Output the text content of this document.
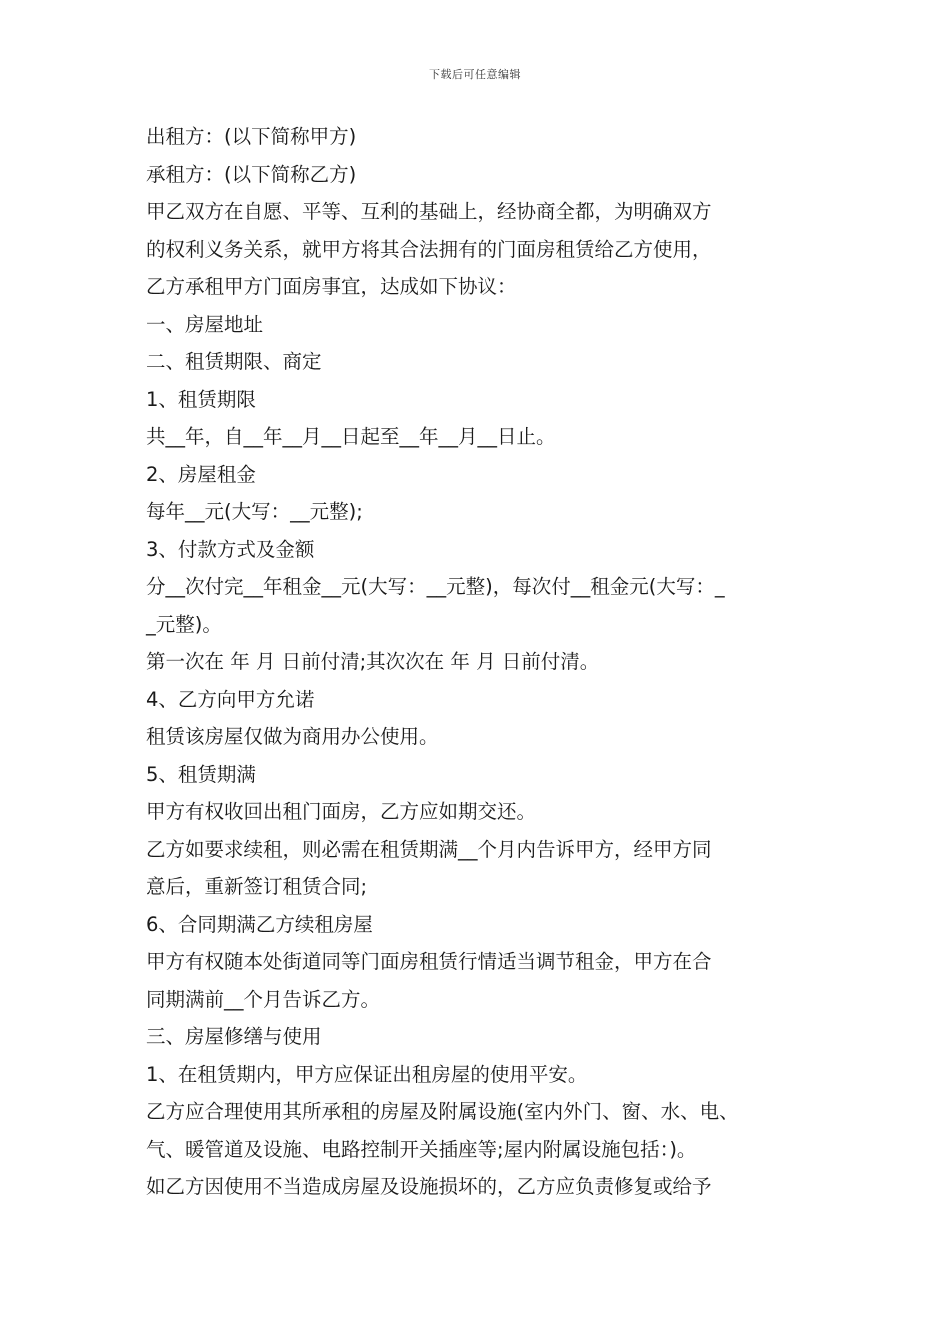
下载后可任意编辑
出租方：(以下简称甲方)
承租方：(以下简称乙方)
甲乙双方在自愿、平等、互利的基础上，经协商全都，为明确双方
的权利义务关系，就甲方将其合法拥有的门面房租赁给乙方使用，
乙方承租甲方门面房事宜，达成如下协议：
一、房屋地址
二、租赁期限、商定
1、租赁期限
共__年，自__年__月__日起至__年__月__日止。
2、房屋租金
每年__元(大写：__元整);
3、付款方式及金额
分__次付完__年租金__元(大写：__元整)，每次付__租金元(大写：_
_元整)。
第一次在 年 月 日前付清;其次次在 年 月 日前付清。
4、乙方向甲方允诺
租赁该房屋仅做为商用办公使用。
5、租赁期满
甲方有权收回出租门面房，乙方应如期交还。
乙方如要求续租，则必需在租赁期满__个月内告诉甲方，经甲方同
意后，重新签订租赁合同;
6、合同期满乙方续租房屋
甲方有权随本处街道同等门面房租赁行情适当调节租金，甲方在合
同期满前__个月告诉乙方。
三、房屋修缮与使用
1、在租赁期内，甲方应保证出租房屋的使用平安。
乙方应合理使用其所承租的房屋及附属设施(室内外门、窗、水、电、
气、暖管道及设施、电路控制开关插座等;屋内附属设施包括：)。
如乙方因使用不当造成房屋及设施损坏的，乙方应负责修复或给予
